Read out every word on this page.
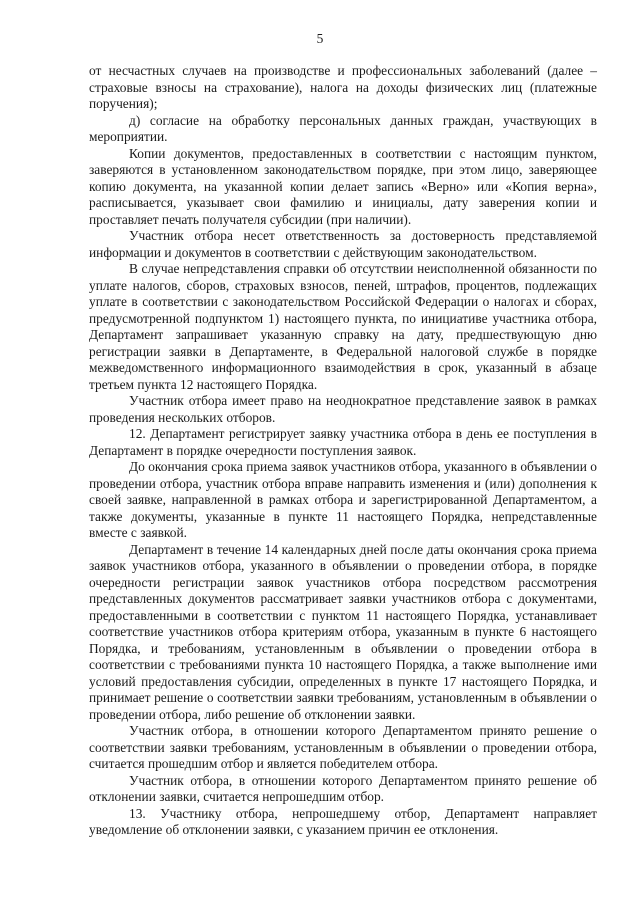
5

от несчастных случаев на производстве и профессиональных заболеваний (далее – страховые взносы на страхование), налога на доходы физических лиц (платежные поручения);

д) согласие на обработку персональных данных граждан, участвующих в мероприятии.

Копии документов, предоставленных в соответствии с настоящим пунктом, заверяются в установленном законодательством порядке, при этом лицо, заверяющее копию документа, на указанной копии делает запись «Верно» или «Копия верна», расписывается, указывает свои фамилию и инициалы, дату заверения копии и проставляет печать получателя субсидии (при наличии).

Участник отбора несет ответственность за достоверность представляемой информации и документов в соответствии с действующим законодательством.

В случае непредставления справки об отсутствии неисполненной обязанности по уплате налогов, сборов, страховых взносов, пеней, штрафов, процентов, подлежащих уплате в соответствии с законодательством Российской Федерации о налогах и сборах, предусмотренной подпунктом 1) настоящего пункта, по инициативе участника отбора, Департамент запрашивает указанную справку на дату, предшествующую дню регистрации заявки в Департаменте, в Федеральной налоговой службе в порядке межведомственного информационного взаимодействия в срок, указанный в абзаце третьем пункта 12 настоящего Порядка.

Участник отбора имеет право на неоднократное представление заявок в рамках проведения нескольких отборов.

12. Департамент регистрирует заявку участника отбора в день ее поступления в Департамент в порядке очередности поступления заявок.

До окончания срока приема заявок участников отбора, указанного в объявлении о проведении отбора, участник отбора вправе направить изменения и (или) дополнения к своей заявке, направленной в рамках отбора и зарегистрированной Департаментом, а также документы, указанные в пункте 11 настоящего Порядка, непредставленные вместе с заявкой.

Департамент в течение 14 календарных дней после даты окончания срока приема заявок участников отбора, указанного в объявлении о проведении отбора, в порядке очередности регистрации заявок участников отбора посредством рассмотрения представленных документов рассматривает заявки участников отбора с документами, предоставленными в соответствии с пунктом 11 настоящего Порядка, устанавливает соответствие участников отбора критериям отбора, указанным в пункте 6 настоящего Порядка, и требованиям, установленным в объявлении о проведении отбора в соответствии с требованиями пункта 10 настоящего Порядка, а также выполнение ими условий предоставления субсидии, определенных в пункте 17 настоящего Порядка, и принимает решение о соответствии заявки требованиям, установленным в объявлении о проведении отбора, либо решение об отклонении заявки.

Участник отбора, в отношении которого Департаментом принято решение о соответствии заявки требованиям, установленным в объявлении о проведении отбора, считается прошедшим отбор и является победителем отбора.

Участник отбора, в отношении которого Департаментом принято решение об отклонении заявки, считается непрошедшим отбор.

13. Участнику отбора, непрошедшему отбор, Департамент направляет уведомление об отклонении заявки, с указанием причин ее отклонения.
